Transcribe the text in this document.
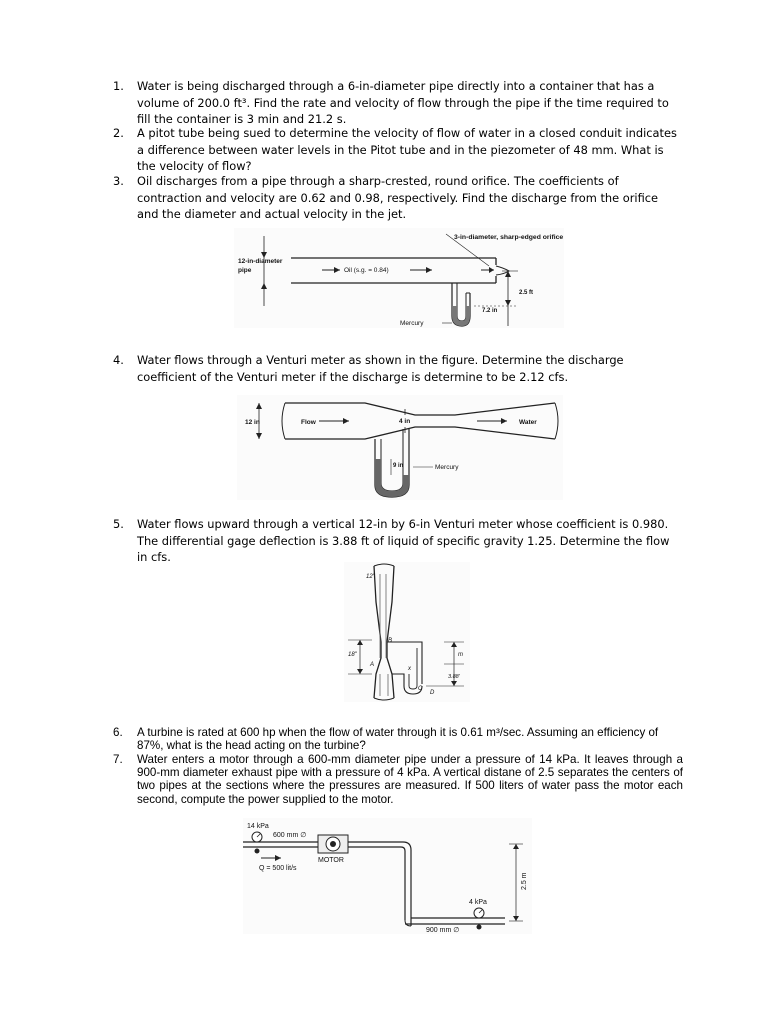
1.	Water is being discharged through a 6-in-diameter pipe directly into a container that has a volume of 200.0 ft³. Find the rate and velocity of flow through the pipe if the time required to fill the container is 3 min and 21.2 s.
2.	A pitot tube being sued to determine the velocity of flow of water in a closed conduit indicates a difference between water levels in the Pitot tube and in the piezometer of 48 mm. What is the velocity of flow?
3.	Oil discharges from a pipe through a sharp-crested, round orifice. The coefficients of contraction and velocity are 0.62 and 0.98, respectively. Find the discharge from the orifice and the diameter and actual velocity in the jet.
3-in-diameter, sharp-edged orifice
12-in-diameter
pipe	Oil (s.g. = 0.84)
2.5 ft
7.2 in
Mercury
4.	Water flows through a Venturi meter as shown in the figure. Determine the discharge coefficient of the Venturi meter if the discharge is determine to be 2.12 cfs.
12 in	Flow	4 in	Water
9 in	Mercury
5.	Water flows upward through a vertical 12-in by 6-in Venturi meter whose coefficient is 0.980. The differential gage deflection is 3.88 ft of liquid of specific gravity 1.25. Determine the flow in cfs.
12"
18"
B
A
x
C
D
m
3.88'
6.	A turbine is rated at 600 hp when the flow of water through it is 0.61 m³/sec. Assuming an efficiency of 87%, what is the head acting on the turbine?
7.	Water enters a motor through a 600-mm diameter pipe under a pressure of 14 kPa. It leaves through a 900-mm diameter exhaust pipe with a pressure of 4 kPa. A vertical distane of 2.5 separates the centers of two pipes at the sections where the pressures are measured. If 500 liters of water pass the motor each second, compute the power supplied to the motor.
14 kPa
600 mm ∅
Q = 500 lit/s
MOTOR
4 kPa
900 mm ∅
2.5 m
